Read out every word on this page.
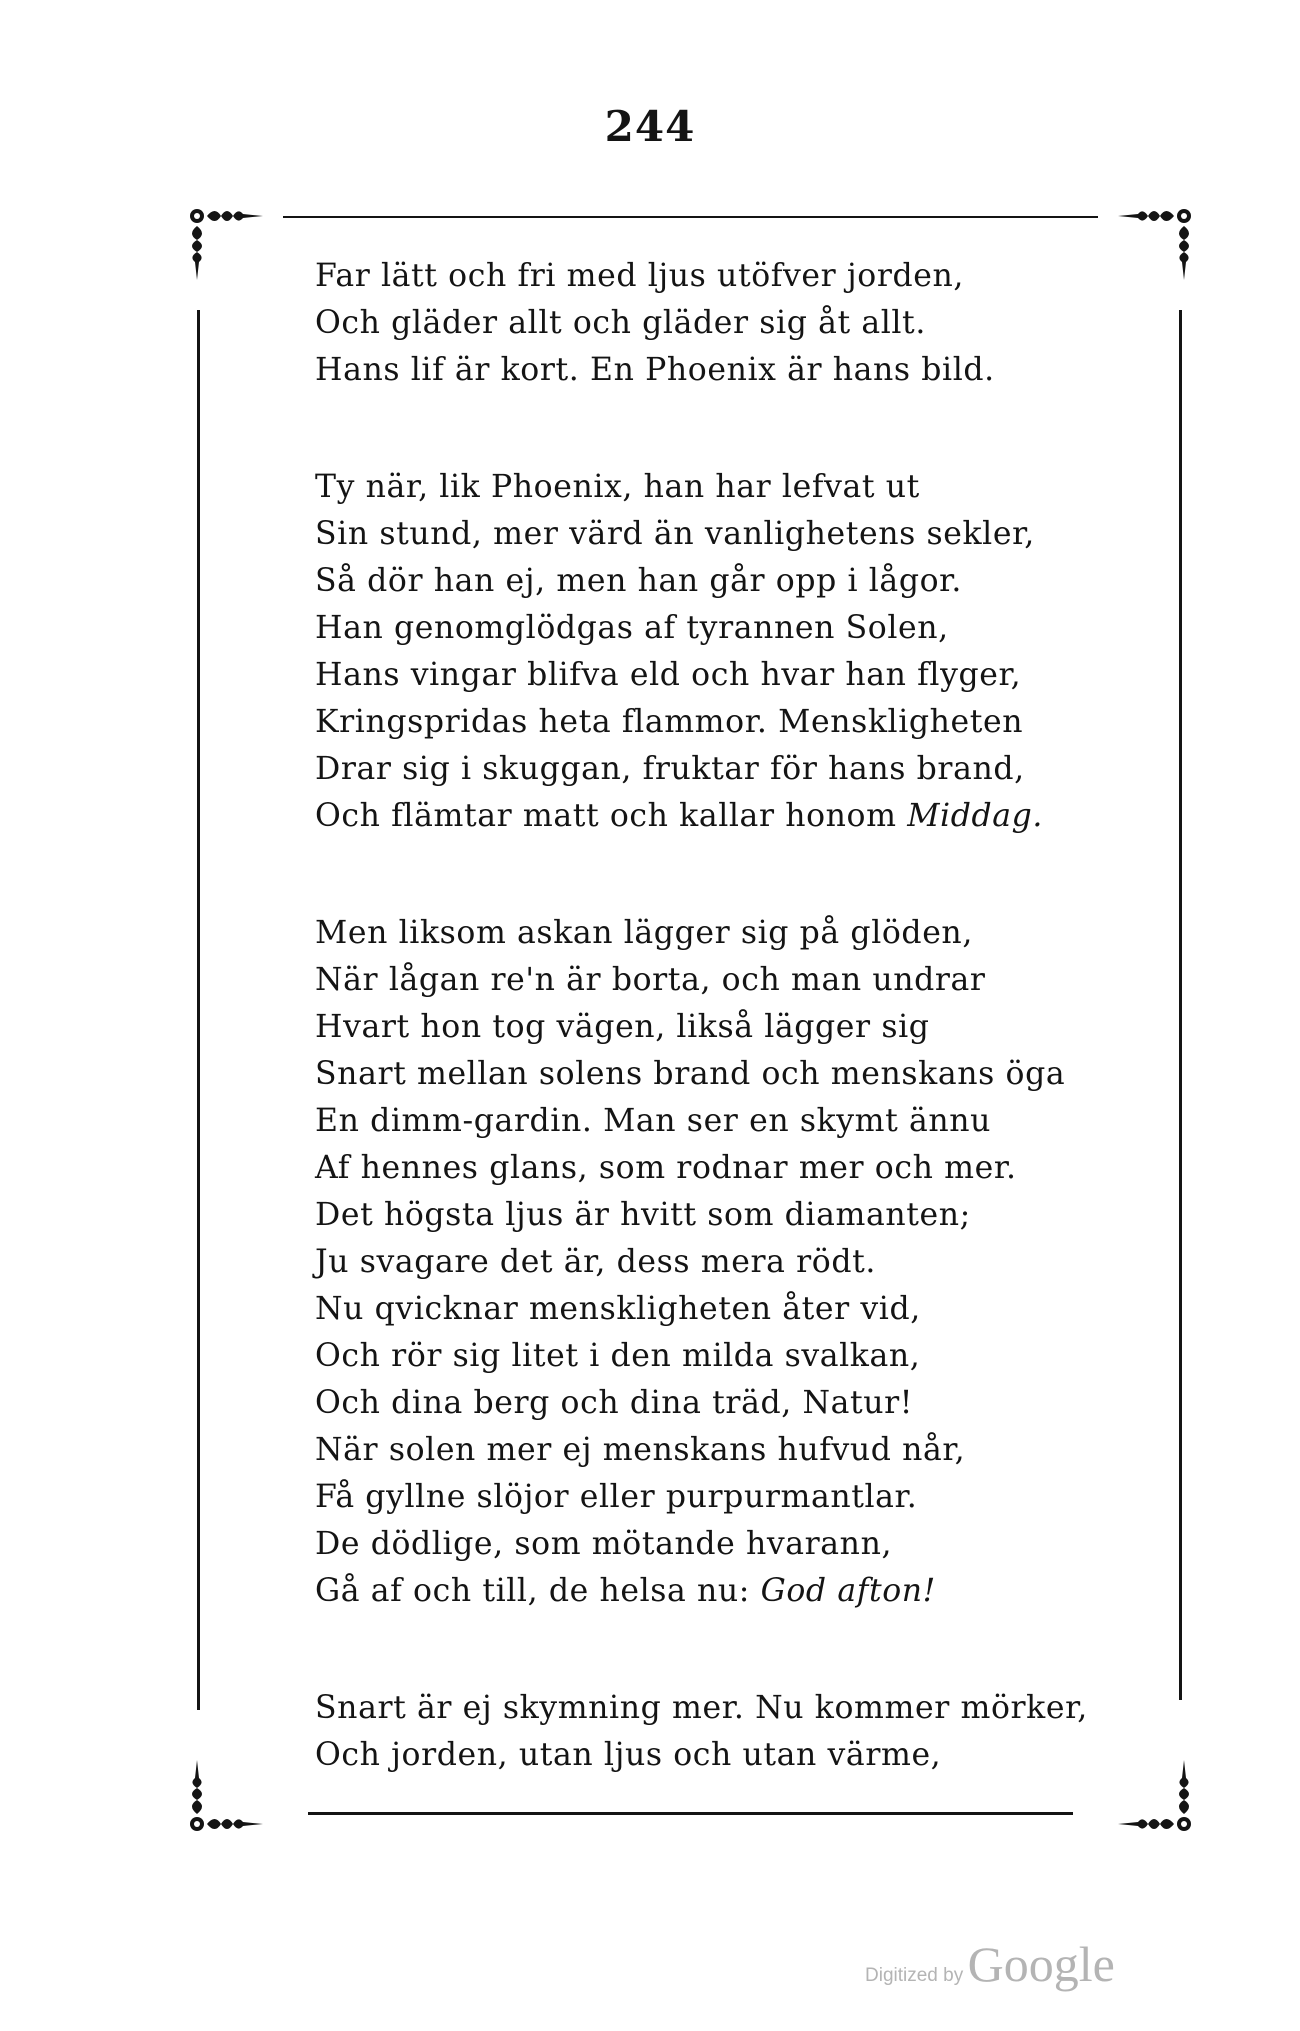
244
Far lätt och fri med ljus utöfver jorden,
Och gläder allt och gläder sig åt allt.
Hans lif är kort. En Phoenix är hans bild.
Ty när, lik Phoenix, han har lefvat ut
Sin stund, mer värd än vanlighetens sekler,
Så dör han ej, men han går opp i lågor.
Han genomglödgas af tyrannen Solen,
Hans vingar blifva eld och hvar han flyger,
Kringspridas heta flammor. Menskligheten
Drar sig i skuggan, fruktar för hans brand,
Och flämtar matt och kallar honom Middag.
Men liksom askan lägger sig på glöden,
När lågan re'n är borta, och man undrar
Hvart hon tog vägen, likså lägger sig
Snart mellan solens brand och menskans öga
En dimm-gardin. Man ser en skymt ännu
Af hennes glans, som rodnar mer och mer.
Det högsta ljus är hvitt som diamanten;
Ju svagare det är, dess mera rödt.
Nu qvicknar menskligheten åter vid,
Och rör sig litet i den milda svalkan,
Och dina berg och dina träd, Natur!
När solen mer ej menskans hufvud når,
Få gyllne slöjor eller purpurmantlar.
De dödlige, som mötande hvarann,
Gå af och till, de helsa nu: God afton!
Snart är ej skymning mer. Nu kommer mörker,
Och jorden, utan ljus och utan värme,
Digitized by Google
